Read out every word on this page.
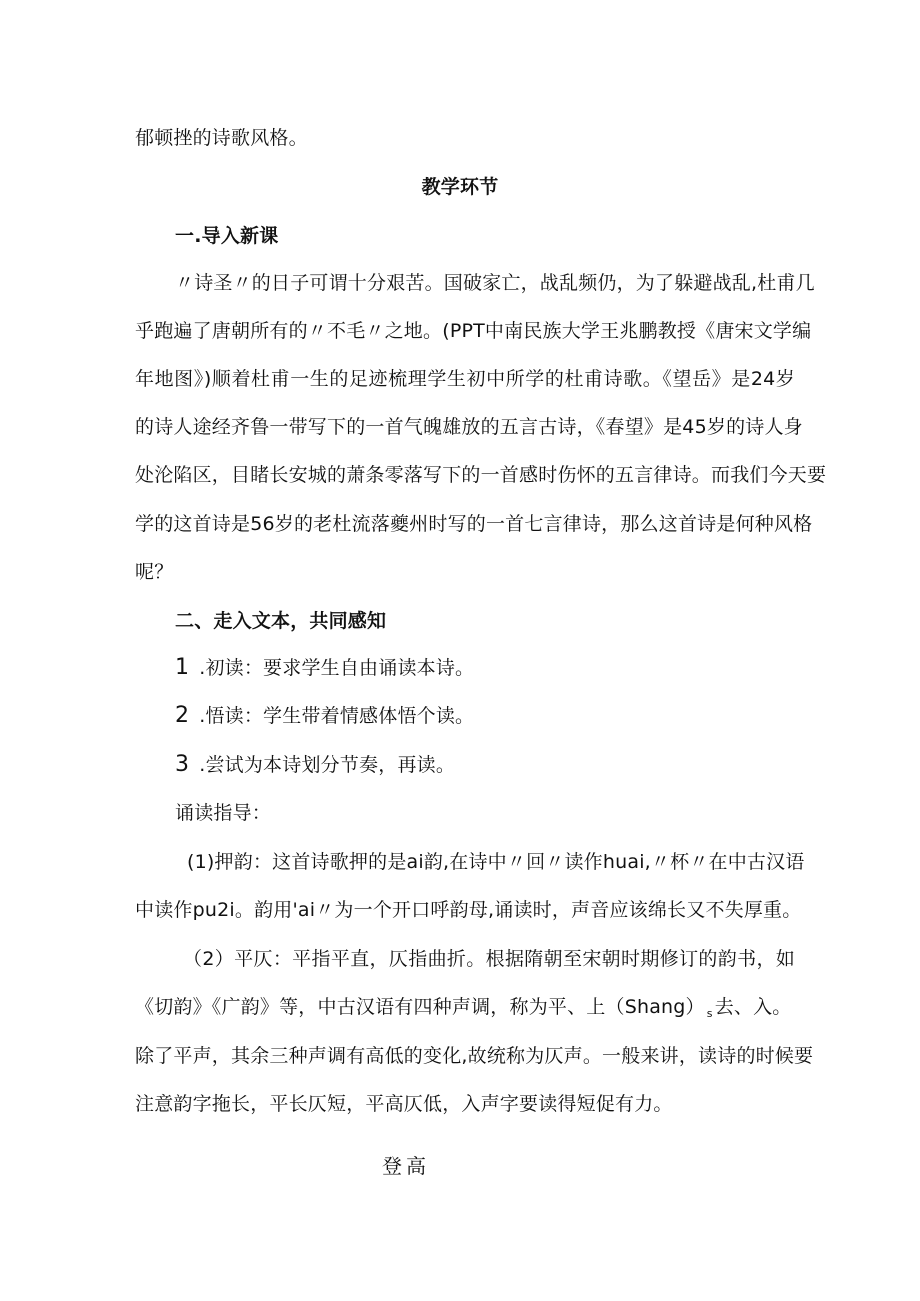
郁顿挫的诗歌风格。
教学环节
一.导入新课
〃诗圣〃的日子可谓十分艰苦。国破家亡，战乱频仍，为了躲避战乱,杜甫几
乎跑遍了唐朝所有的〃不毛〃之地。(PPT中南民族大学王兆鹏教授《唐宋文学编
年地图》)顺着杜甫一生的足迹梳理学生初中所学的杜甫诗歌。《望岳》是24岁
的诗人途经齐鲁一带写下的一首气魄雄放的五言古诗，《春望》是45岁的诗人身
处沦陷区，目睹长安城的萧条零落写下的一首感时伤怀的五言律诗。而我们今天要
学的这首诗是56岁的老杜流落夔州时写的一首七言律诗，那么这首诗是何种风格
呢？
二、走入文本，共同感知
1 .初读：要求学生自由诵读本诗。
2 .悟读：学生带着情感体悟个读。
3 .尝试为本诗划分节奏，再读。
诵读指导：
(1)押韵：这首诗歌押的是ai韵,在诗中〃回〃读作huai,〃杯〃在中古汉语
中读作pu2i。韵用'ai〃为一个开口呼韵母,诵读时，声音应该绵长又不失厚重。
（2）平仄：平指平直，仄指曲折。根据隋朝至宋朝时期修订的韵书，如
《切韵》《广韵》等，中古汉语有四种声调，称为平、上（Shang） $_s$ 去、入。
除了平声，其余三种声调有高低的变化,故统称为仄声。一般来讲，读诗的时候要
注意韵字拖长，平长仄短，平高仄低，入声字要读得短促有力。
登高
